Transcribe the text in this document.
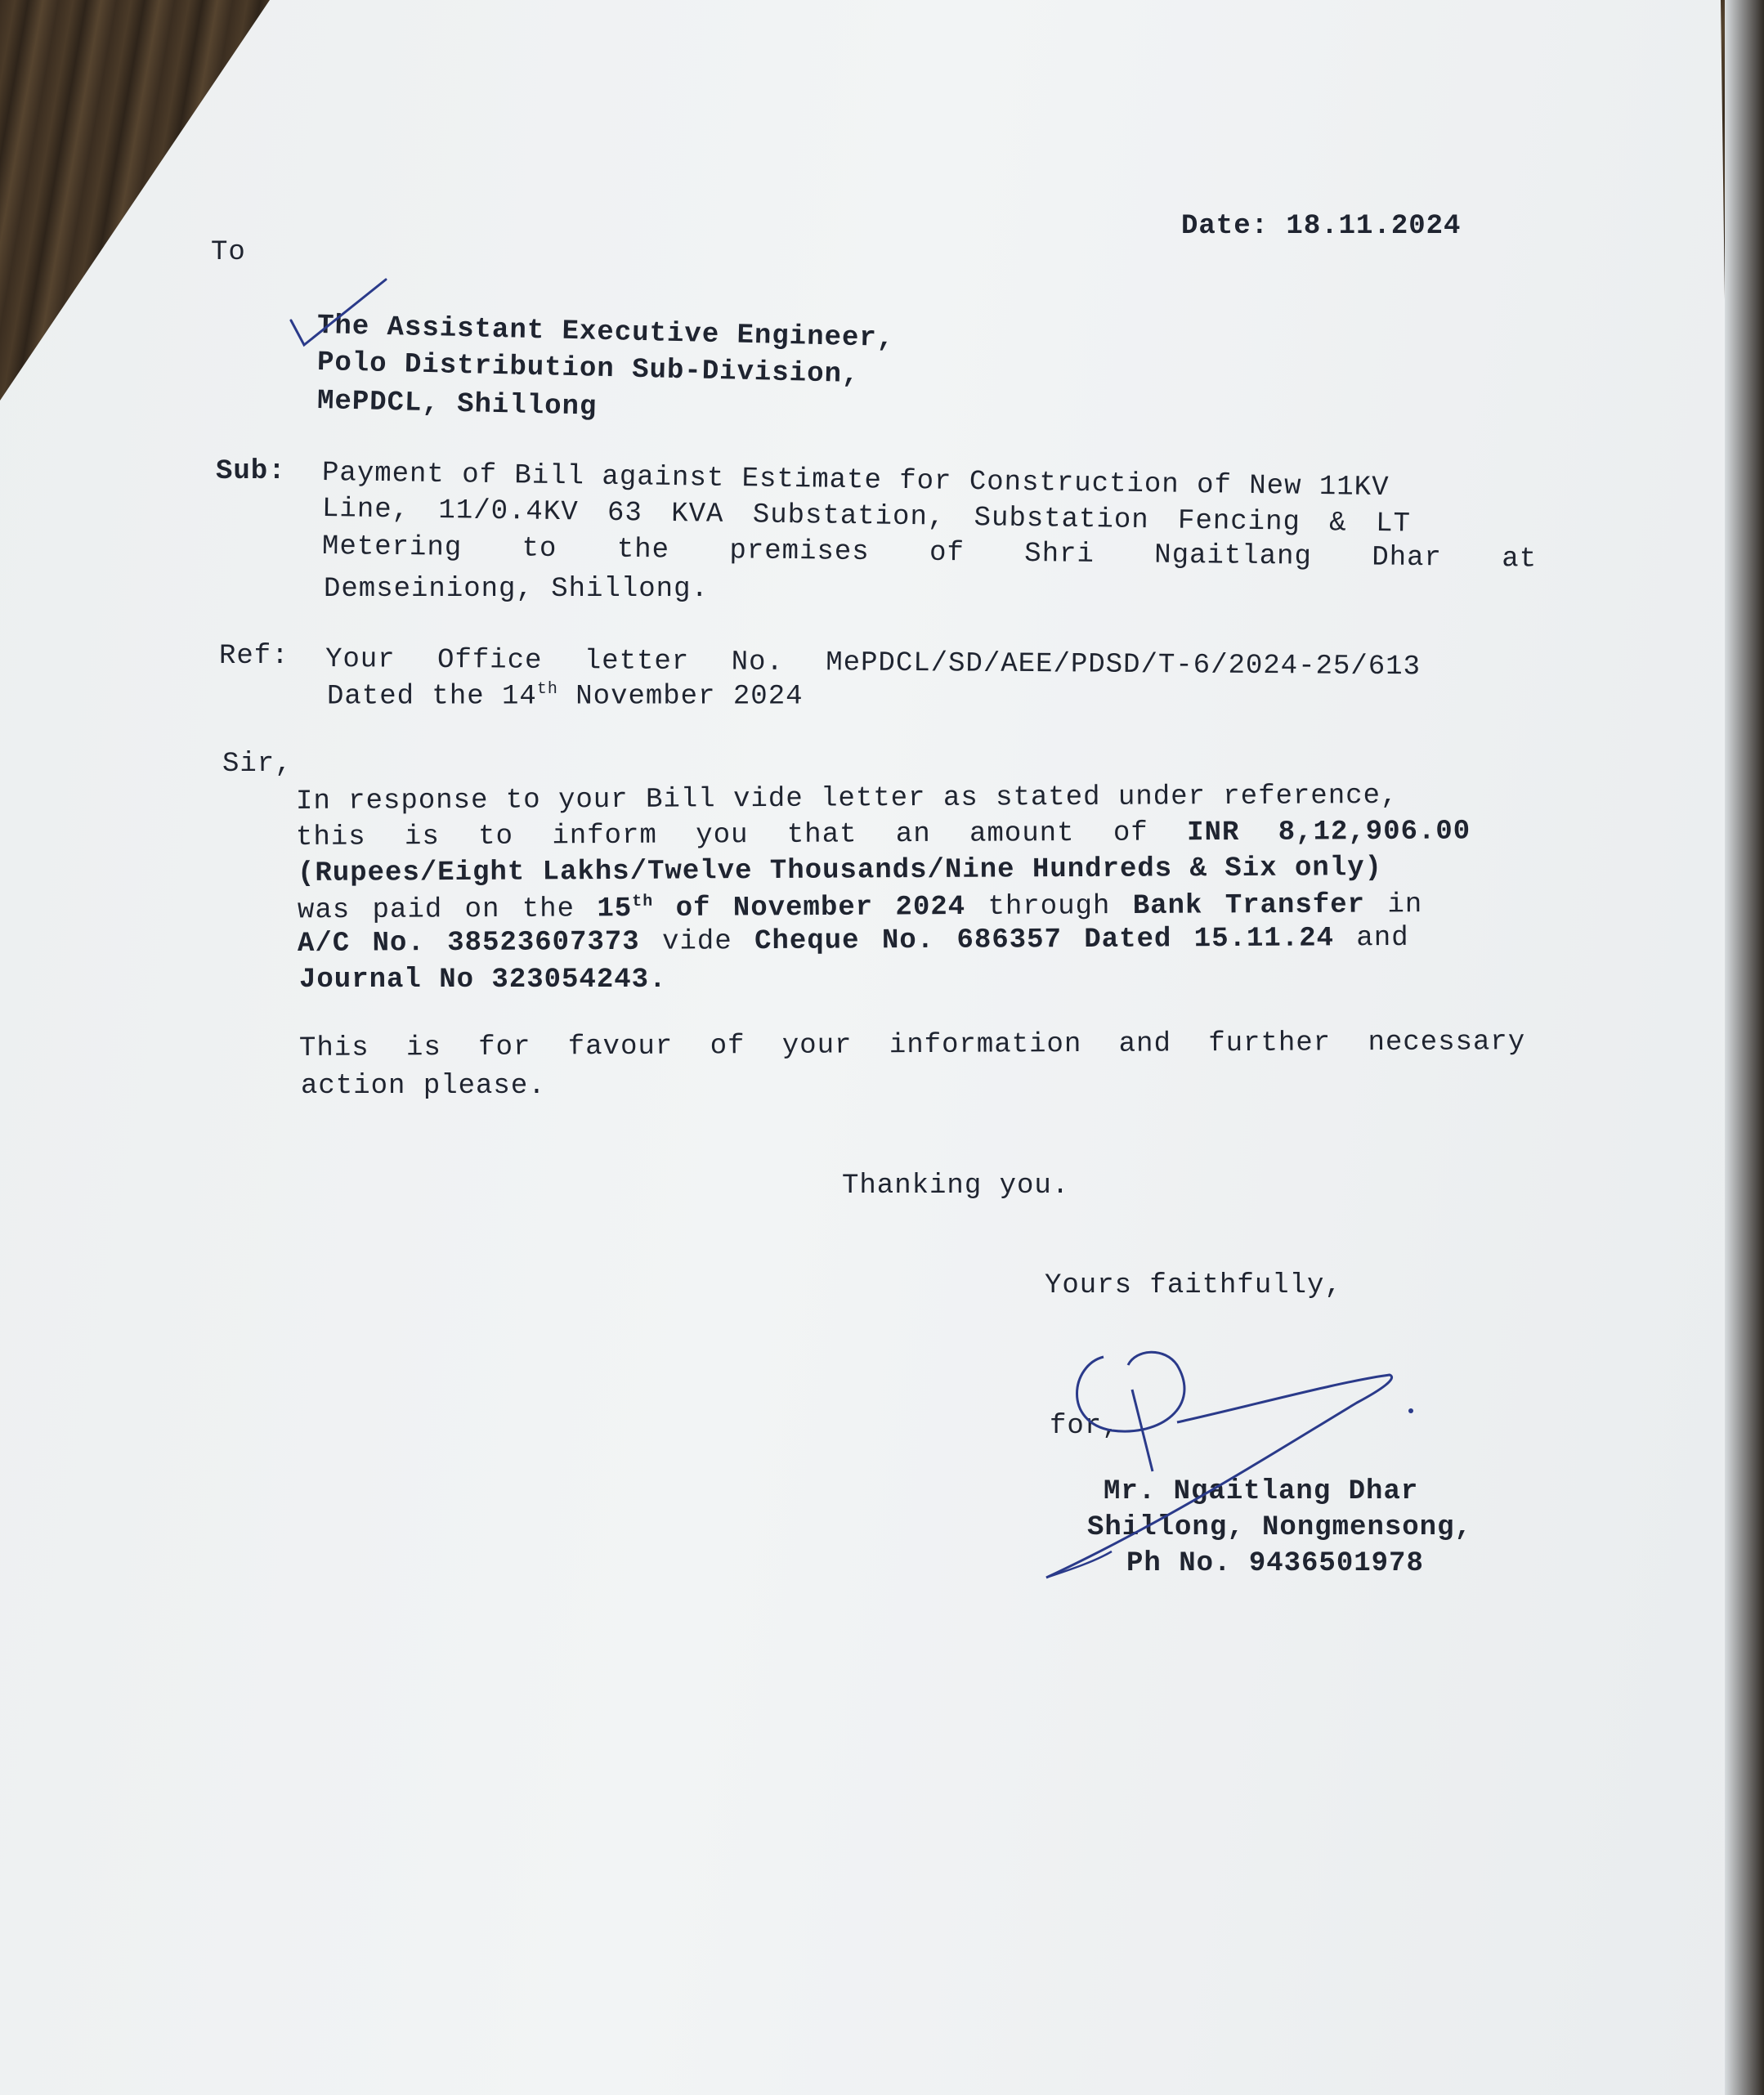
Date: 18.11.2024
To
The Assistant Executive Engineer,
Polo Distribution Sub-Division,
MePDCL, Shillong
Sub: Payment of Bill against Estimate for Construction of New 11KV
Line, 11/0.4KV 63 KVA Substation, Substation Fencing & LT
Metering to the premises of Shri Ngaitlang Dhar at
Demseiniong, Shillong.
Ref: Your Office letter No. MePDCL/SD/AEE/PDSD/T-6/2024-25/613
Dated the 14th November 2024
Sir,
In response to your Bill vide letter as stated under reference,
this is to inform you that an amount of INR 8,12,906.00
(Rupees/Eight Lakhs/Twelve Thousands/Nine Hundreds & Six only)
was paid on the 15th of November 2024 through Bank Transfer in
A/C No. 38523607373 vide Cheque No. 686357 Dated 15.11.24 and
Journal No 323054243.
This is for favour of your information and further necessary
action please.
Thanking you.
Yours faithfully,
for,
Mr. Ngaitlang Dhar
Shillong, Nongmensong,
Ph No. 9436501978
